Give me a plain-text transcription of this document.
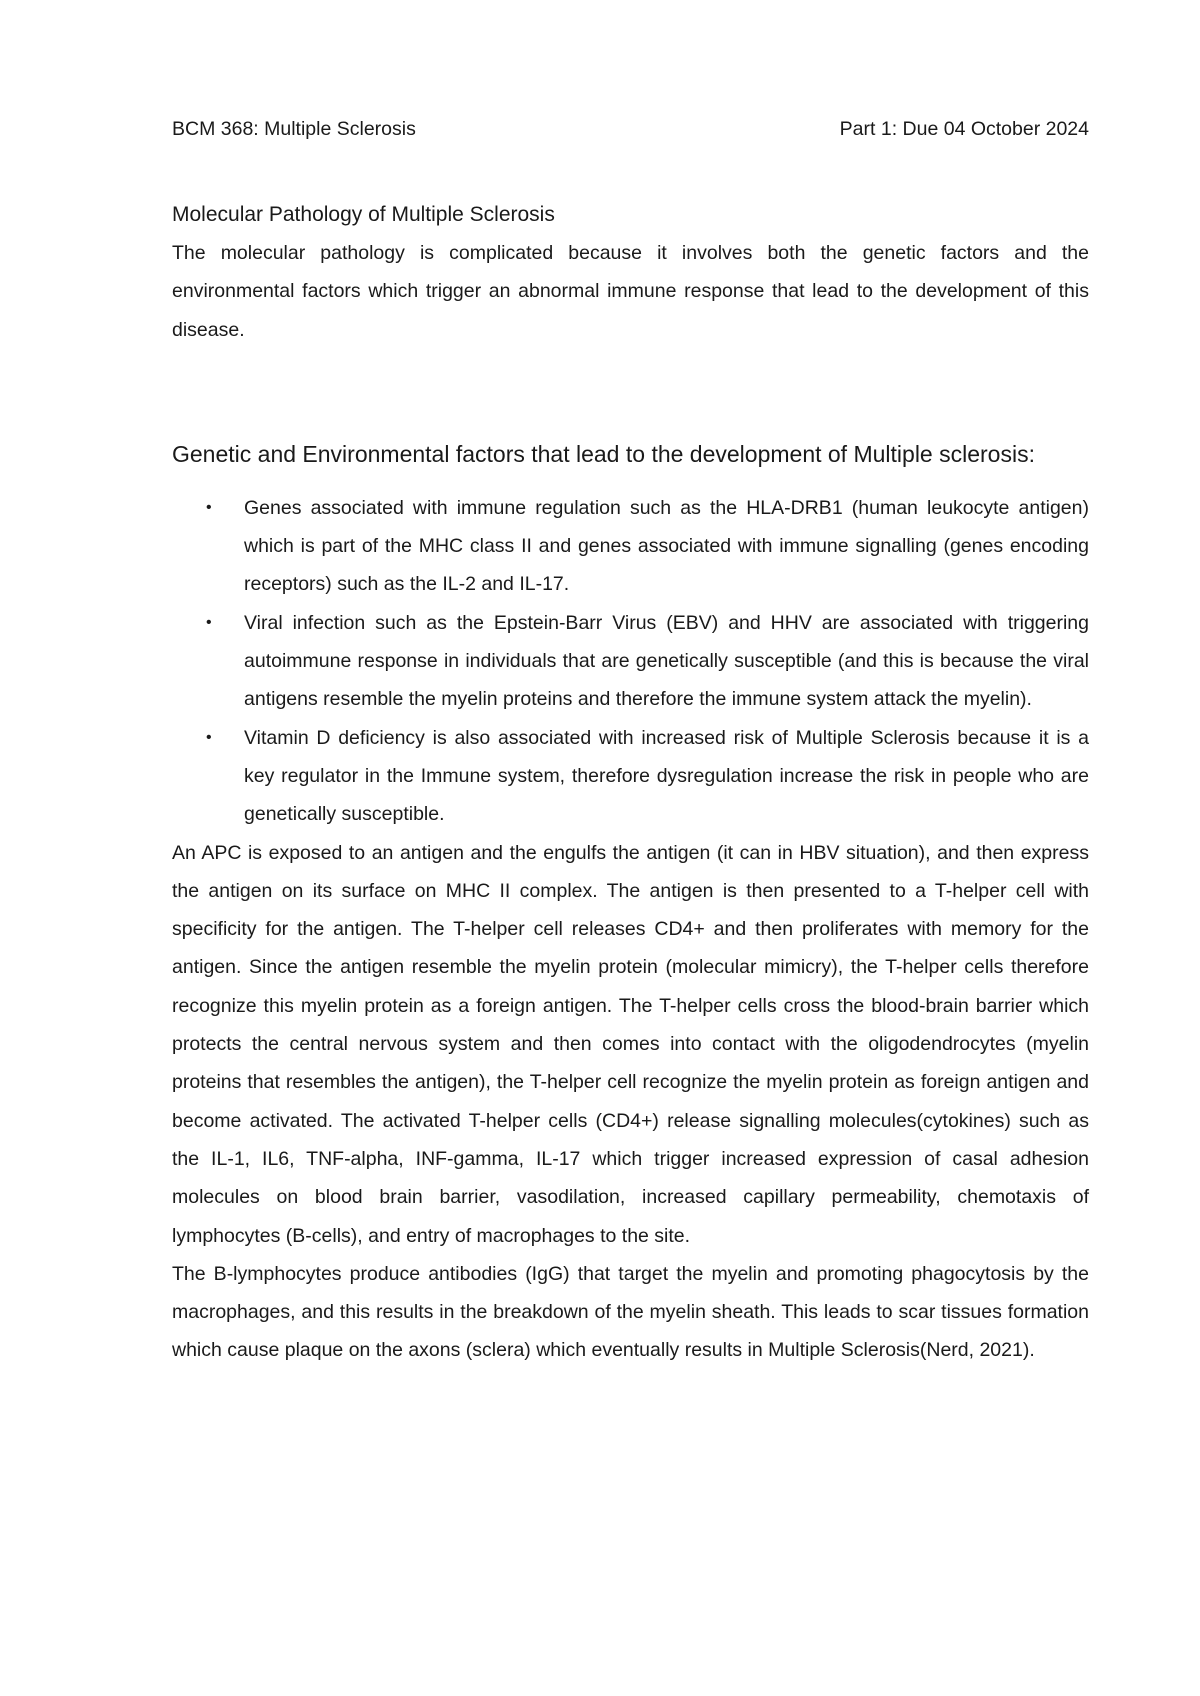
BCM 368: Multiple Sclerosis	Part 1: Due 04 October 2024
Molecular Pathology of Multiple Sclerosis

The molecular pathology is complicated because it involves both the genetic factors and the environmental factors which trigger an abnormal immune response that lead to the development of this disease.

Genetic and Environmental factors that lead to the development of Multiple sclerosis:
• Genes associated with immune regulation such as the HLA-DRB1 (human leukocyte antigen) which is part of the MHC class II and genes associated with immune signalling (genes encoding receptors) such as the IL-2 and IL-17.
• Viral infection such as the Epstein-Barr Virus (EBV) and HHV are associated with triggering autoimmune response in individuals that are genetically susceptible (and this is because the viral antigens resemble the myelin proteins and therefore the immune system attack the myelin).
• Vitamin D deficiency is also associated with increased risk of Multiple Sclerosis because it is a key regulator in the Immune system, therefore dysregulation increase the risk in people who are genetically susceptible.

An APC is exposed to an antigen and the engulfs the antigen (it can in HBV situation), and then express the antigen on its surface on MHC II complex. The antigen is then presented to a T-helper cell with specificity for the antigen. The T-helper cell releases CD4+ and then proliferates with memory for the antigen. Since the antigen resemble the myelin protein (molecular mimicry), the T-helper cells therefore recognize this myelin protein as a foreign antigen. The T-helper cells cross the blood-brain barrier which protects the central nervous system and then comes into contact with the oligodendrocytes (myelin proteins that resembles the antigen), the T-helper cell recognize the myelin protein as foreign antigen and become activated. The activated T-helper cells (CD4+) release signalling molecules(cytokines) such as the IL-1, IL6, TNF-alpha, INF-gamma, IL-17 which trigger increased expression of casal adhesion molecules on blood brain barrier, vasodilation, increased capillary permeability, chemotaxis of lymphocytes (B-cells), and entry of macrophages to the site.

The B-lymphocytes produce antibodies (IgG) that target the myelin and promoting phagocytosis by the macrophages, and this results in the breakdown of the myelin sheath. This leads to scar tissues formation which cause plaque on the axons (sclera) which eventually results in Multiple Sclerosis(Nerd, 2021).
